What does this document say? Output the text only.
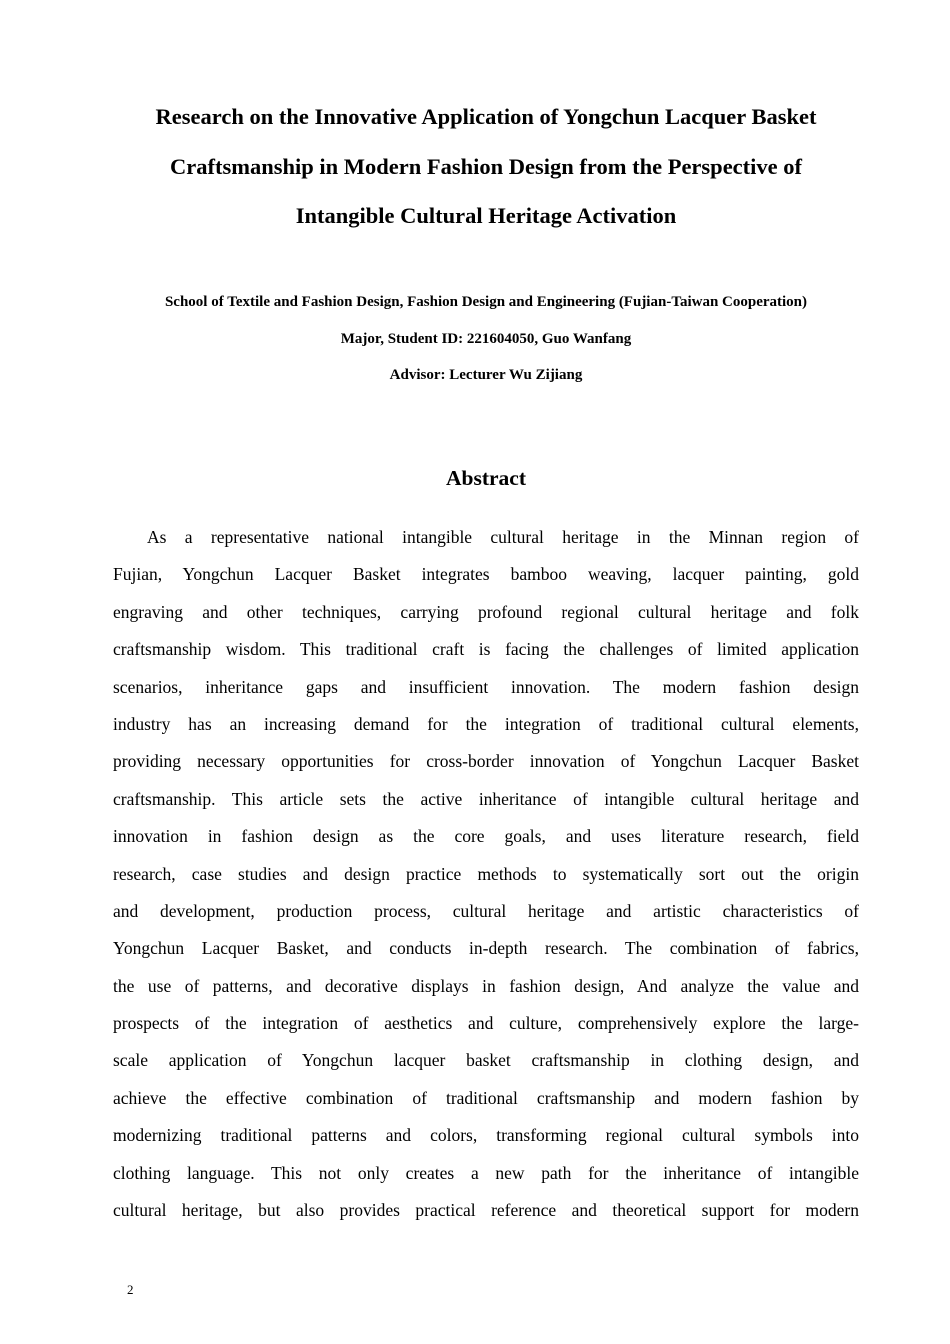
Research on the Innovative Application of Yongchun Lacquer Basket
Craftsmanship in Modern Fashion Design from the Perspective of
Intangible Cultural Heritage Activation
School of Textile and Fashion Design, Fashion Design and Engineering (Fujian-Taiwan Cooperation)
Major, Student ID: 221604050, Guo Wanfang
Advisor: Lecturer Wu Zijiang
Abstract
As a representative national intangible cultural heritage in the Minnan region of
Fujian, Yongchun Lacquer Basket integrates bamboo weaving, lacquer painting, gold
engraving and other techniques, carrying profound regional cultural heritage and folk
craftsmanship wisdom. This traditional craft is facing the challenges of limited application
scenarios, inheritance gaps and insufficient innovation. The modern fashion design
industry has an increasing demand for the integration of traditional cultural elements,
providing necessary opportunities for cross-border innovation of Yongchun Lacquer Basket
craftsmanship. This article sets the active inheritance of intangible cultural heritage and
innovation in fashion design as the core goals, and uses literature research, field
research, case studies and design practice methods to systematically sort out the origin
and development, production process, cultural heritage and artistic characteristics of
Yongchun Lacquer Basket, and conducts in-depth research. The combination of fabrics,
the use of patterns, and decorative displays in fashion design, And analyze the value and
prospects of the integration of aesthetics and culture, comprehensively explore the large-
scale application of Yongchun lacquer basket craftsmanship in clothing design, and
achieve the effective combination of traditional craftsmanship and modern fashion by
modernizing traditional patterns and colors, transforming regional cultural symbols into
clothing language. This not only creates a new path for the inheritance of intangible
cultural heritage, but also provides practical reference and theoretical support for modern
2
